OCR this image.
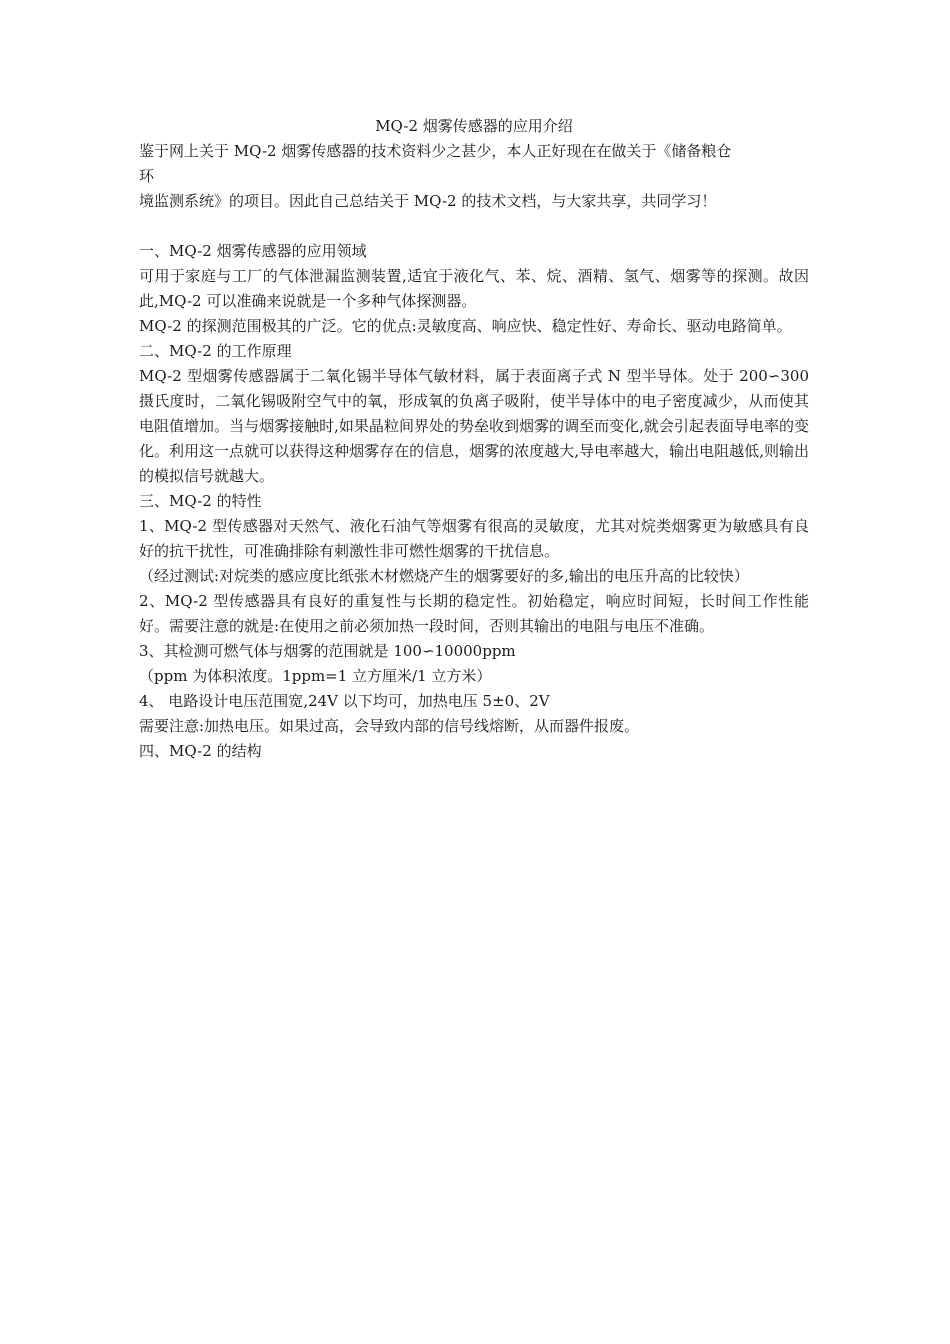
MQ-2 烟雾传感器的应用介绍

鉴于网上关于 MQ-2 烟雾传感器的技术资料少之甚少，本人正好现在在做关于《储备粮仓

环

境监测系统》的项目。因此自己总结关于 MQ-2 的技术文档，与大家共享，共同学习！

一、MQ-2 烟雾传感器的应用领域

可用于家庭与工厂的气体泄漏监测装置,适宜于液化气、苯、烷、酒精、氢气、烟雾等的探测。故因此,MQ-2 可以准确来说就是一个多种气体探测器。

MQ-2 的探测范围极其的广泛。它的优点:灵敏度高、响应快、稳定性好、寿命长、驱动电路简单。

二、MQ-2 的工作原理

MQ-2 型烟雾传感器属于二氧化锡半导体气敏材料，属于表面离子式 N 型半导体。处于 200∽300 摄氏度时，二氧化锡吸附空气中的氧，形成氧的负离子吸附，使半导体中的电子密度减少，从而使其电阻值增加。当与烟雾接触时,如果晶粒间界处的势垒收到烟雾的调至而变化,就会引起表面导电率的变化。利用这一点就可以获得这种烟雾存在的信息，烟雾的浓度越大,导电率越大，输出电阻越低,则输出的模拟信号就越大。

三、MQ-2 的特性

1、MQ-2 型传感器对天然气、液化石油气等烟雾有很高的灵敏度，尤其对烷类烟雾更为敏感具有良好的抗干扰性，可准确排除有刺激性非可燃性烟雾的干扰信息。

（经过测试:对烷类的感应度比纸张木材燃烧产生的烟雾要好的多,输出的电压升高的比较快）

2、MQ-2 型传感器具有良好的重复性与长期的稳定性。初始稳定，响应时间短，长时间工作性能好。需要注意的就是:在使用之前必须加热一段时间，否则其输出的电阻与电压不准确。

3、其检测可燃气体与烟雾的范围就是 100∽10000ppm

（ppm 为体积浓度。1ppm=1 立方厘米/1 立方米）

4、 电路设计电压范围宽,24V 以下均可，加热电压 5±0、2V

需要注意:加热电压。如果过高，会导致内部的信号线熔断，从而器件报废。

四、MQ-2 的结构
